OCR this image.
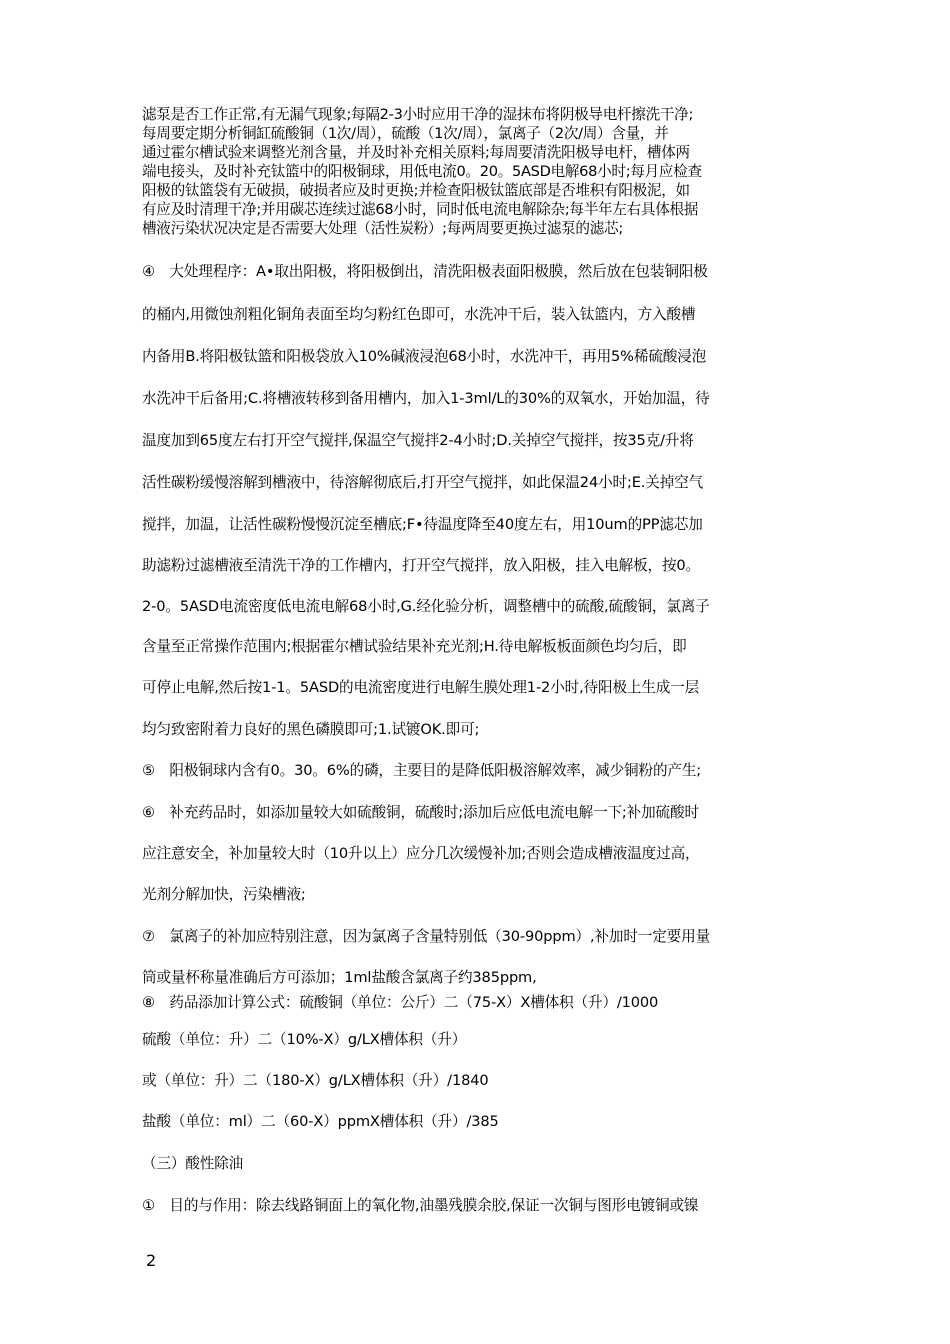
滤泵是否工作正常,有无漏气现象;每隔2-3小时应用干净的湿抹布将阴极导电杆擦洗干净;
每周要定期分析铜缸硫酸铜（1次/周），硫酸（1次/周），氯离子（2次/周）含量，并
通过霍尔槽试验来调整光剂含量，并及时补充相关原料;每周要清洗阳极导电杆，槽体两
端电接头，及时补充钛篮中的阳极铜球，用低电流0。20。5ASD电解68小时;每月应检查
阳极的钛篮袋有无破损，破损者应及时更换;并检查阳极钛篮底部是否堆积有阳极泥，如
有应及时清理干净;并用碳芯连续过滤68小时，同时低电流电解除杂;每半年左右具体根据
槽液污染状况决定是否需要大处理（活性炭粉）;每两周要更换过滤泵的滤芯;
④　大处理程序：A•取出阳极，将阳极倒出，清洗阳极表面阳极膜，然后放在包装铜阳极
的桶内,用微蚀剂粗化铜角表面至均匀粉红色即可，水洗冲干后，装入钛篮内，方入酸槽
内备用B.将阳极钛篮和阳极袋放入10%碱液浸泡68小时，水洗冲干，再用5%稀硫酸浸泡
水洗冲干后备用;C.将槽液转移到备用槽内，加入1-3ml/L的30%的双氧水，开始加温，待
温度加到65度左右打开空气搅拌,保温空气搅拌2-4小时;D.关掉空气搅拌，按35克/升将
活性碳粉缓慢溶解到槽液中，待溶解彻底后,打开空气搅拌，如此保温24小时;E.关掉空气
搅拌，加温，让活性碳粉慢慢沉淀至槽底;F•待温度降至40度左右，用10um的PP滤芯加
助滤粉过滤槽液至清洗干净的工作槽内，打开空气搅拌，放入阳极，挂入电解板，按0。
2-0。5ASD电流密度低电流电解68小时,G.经化验分析，调整槽中的硫酸,硫酸铜，氯离子
含量至正常操作范围内;根据霍尔槽试验结果补充光剂;H.待电解板板面颜色均匀后，即
可停止电解,然后按1-1。5ASD的电流密度进行电解生膜处理1-2小时,待阳极上生成一层
均匀致密附着力良好的黑色磷膜即可;1.试镀OK.即可;
⑤　阳极铜球内含有0。30。6%的磷，主要目的是降低阳极溶解效率，减少铜粉的产生;
⑥　补充药品时，如添加量较大如硫酸铜，硫酸时;添加后应低电流电解一下;补加硫酸时
应注意安全，补加量较大时（10升以上）应分几次缓慢补加;否则会造成槽液温度过高，
光剂分解加快，污染槽液;
⑦　氯离子的补加应特别注意，因为氯离子含量特别低（30-90ppm）,补加时一定要用量
筒或量杯称量准确后方可添加；1ml盐酸含氯离子约385ppm,
⑧　药品添加计算公式：硫酸铜（单位：公斤）二（75-X）X槽体积（升）/1000
硫酸（单位：升）二（10%-X）g/LX槽体积（升）
或（单位：升）二（180-X）g/LX槽体积（升）/1840
盐酸（单位：ml）二（60-X）ppmX槽体积（升）/385
（三）酸性除油
①　目的与作用：除去线路铜面上的氧化物,油墨残膜余胶,保证一次铜与图形电镀铜或镍
2
